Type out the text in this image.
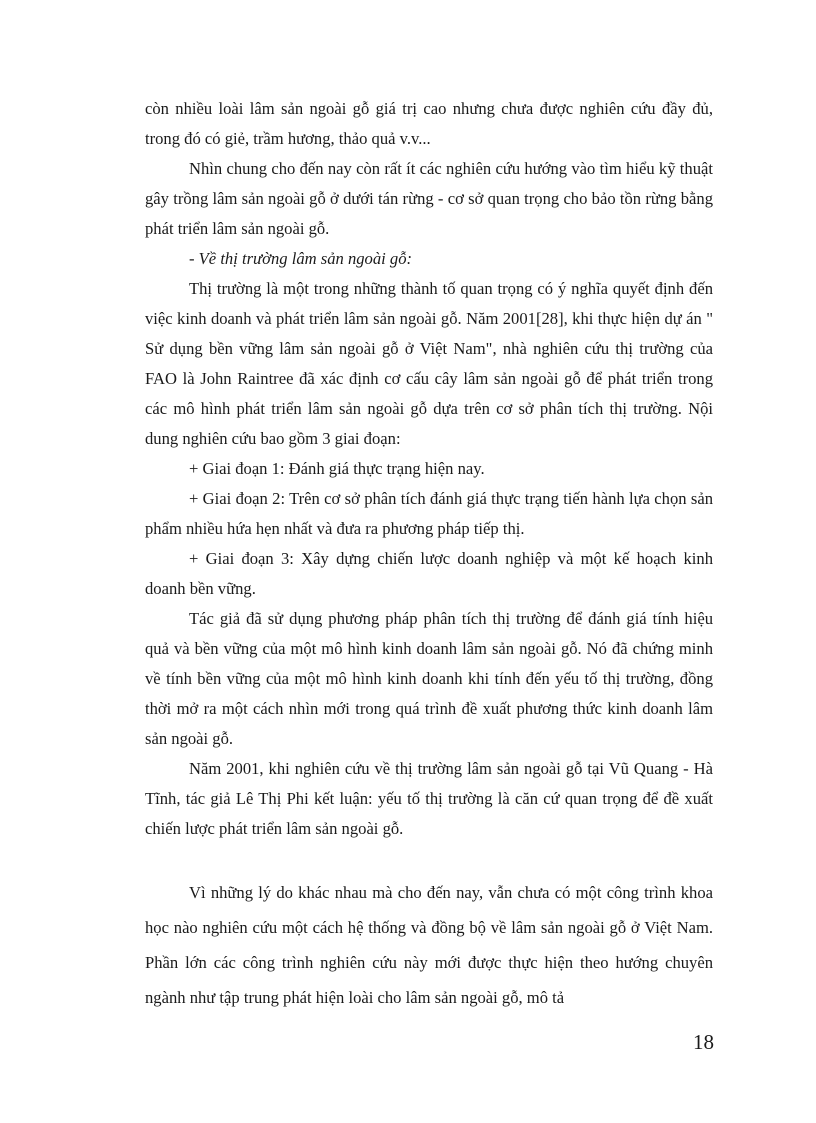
còn nhiều loài lâm sản ngoài gỗ giá trị cao nhưng chưa được nghiên cứu đầy đủ, trong đó có giẻ, trầm hương, thảo quả v.v...

Nhìn chung cho đến nay còn rất ít các nghiên cứu hướng vào tìm hiểu kỹ thuật gây trồng lâm sản ngoài gỗ ở dưới tán rừng - cơ sở quan trọng cho bảo tồn rừng bằng phát triển lâm sản ngoài gỗ.

- Về thị trường lâm sản ngoài gỗ:

Thị trường là một trong những thành tố quan trọng có ý nghĩa quyết định đến việc kinh doanh và phát triển lâm sản ngoài gỗ. Năm 2001[28], khi thực hiện dự án " Sử dụng bền vững lâm sản ngoài gỗ ở Việt Nam", nhà nghiên cứu thị trường của FAO là John Raintree đã xác định cơ cấu cây lâm sản ngoài gỗ để phát triển trong các mô hình phát triển lâm sản ngoài gỗ dựa trên cơ sở phân tích thị trường. Nội dung nghiên cứu bao gồm 3 giai đoạn:

+ Giai đoạn 1: Đánh giá thực trạng hiện nay.

+ Giai đoạn 2: Trên cơ sở phân tích đánh giá thực trạng tiến hành lựa chọn sản phẩm nhiều hứa hẹn nhất và đưa ra phương pháp tiếp thị.

+ Giai đoạn 3: Xây dựng chiến lược doanh nghiệp và một kế hoạch kinh doanh bền vững.

Tác giả đã sử dụng phương pháp phân tích thị trường để đánh giá tính hiệu quả và bền vững của một mô hình kinh doanh lâm sản ngoài gỗ. Nó đã chứng minh về tính bền vững của một mô hình kinh doanh khi tính đến yếu tố thị trường, đồng thời mở ra một cách nhìn mới trong quá trình đề xuất phương thức kinh doanh lâm sản ngoài gỗ.

Năm 2001, khi nghiên cứu về thị trường lâm sản ngoài gỗ tại Vũ Quang - Hà Tĩnh, tác giả Lê Thị Phi kết luận: yếu tố thị trường là căn cứ quan trọng để đề xuất chiến lược phát triển lâm sản ngoài gỗ.

Vì những lý do khác nhau mà cho đến nay, vẫn chưa có một công trình khoa học nào nghiên cứu một cách hệ thống và đồng bộ về lâm sản ngoài gỗ ở Việt Nam. Phần lớn các công trình nghiên cứu này mới được thực hiện theo hướng chuyên ngành như tập trung phát hiện loài cho lâm sản ngoài gỗ, mô tả

18
